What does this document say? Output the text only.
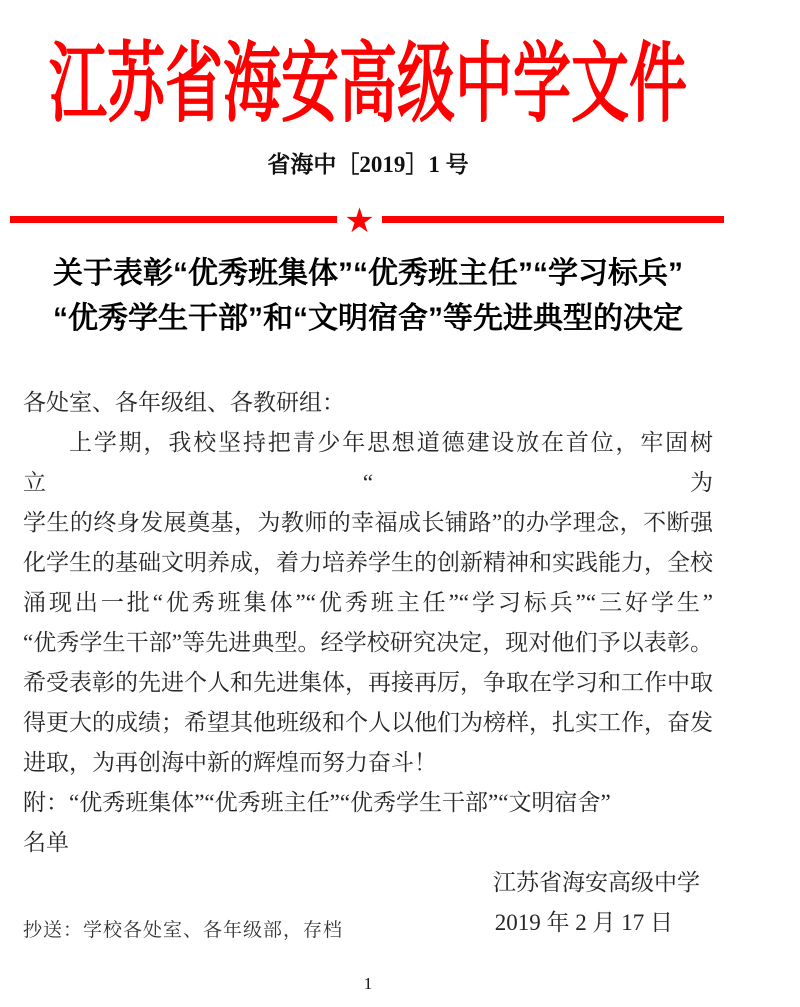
江苏省海安高级中学文件
省海中［2019］1 号
★
关于表彰“优秀班集体”“优秀班主任”“学习标兵”
“优秀学生干部”和“文明宿舍”等先进典型的决定
各处室、各年级组、各教研组：
上学期，我校坚持把青少年思想道德建设放在首位，牢固树立“为
学生的终身发展奠基，为教师的幸福成长铺路”的办学理念，不断强
化学生的基础文明养成，着力培养学生的创新精神和实践能力，全校
涌现出一批“优秀班集体”“优秀班主任”“学习标兵”“三好学生”
“优秀学生干部”等先进典型。经学校研究决定，现对他们予以表彰。
希受表彰的先进个人和先进集体，再接再厉，争取在学习和工作中取
得更大的成绩；希望其他班级和个人以他们为榜样，扎实工作，奋发
进取，为再创海中新的辉煌而努力奋斗！
附：“优秀班集体”“优秀班主任”“优秀学生干部”“文明宿舍”
名单
江苏省海安高级中学
2019 年 2 月 17 日
抄送：学校各处室、各年级部，存档
1
